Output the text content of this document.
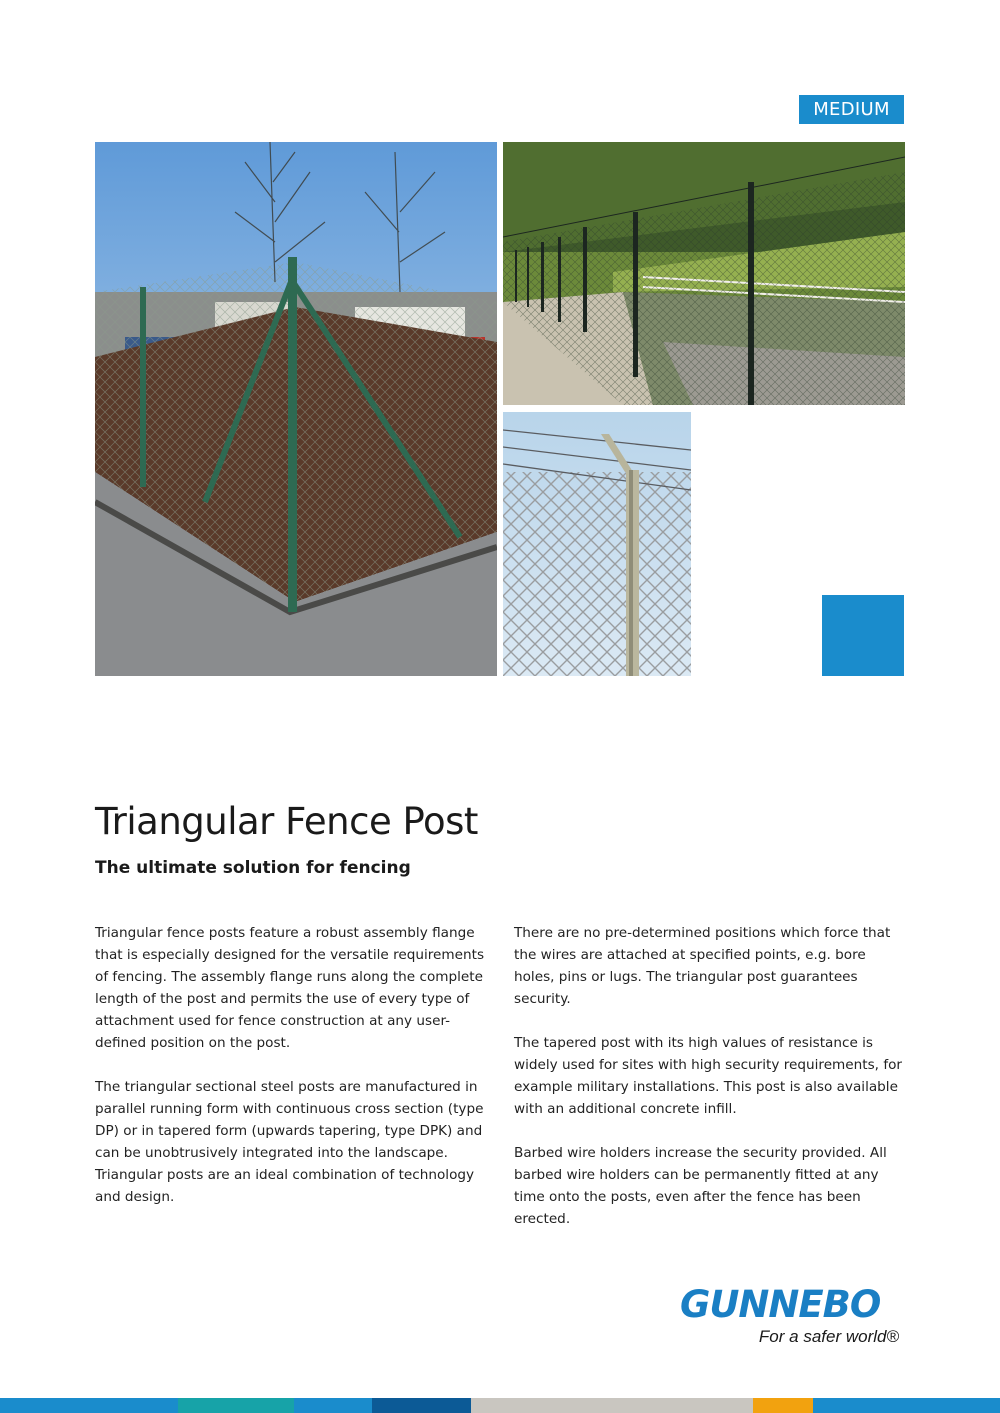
MEDIUM
Triangular Fence Post
The ultimate solution for fencing

Triangular fence posts feature a robust assembly flange that is especially designed for the versatile requirements of fencing. The assembly flange runs along the complete length of the post and permits the use of every type of attachment used for fence construction at any user-defined position on the post.

The triangular sectional steel posts are manufactured in parallel running form with continuous cross section (type DP) or in tapered form (upwards tapering, type DPK) and can be unobtrusively integrated into the landscape. Triangular posts are an ideal combination of technology and design.

There are no pre-determined positions which force that the wires are attached at specified points, e.g. bore holes, pins or lugs. The triangular post guarantees security.

The tapered post with its high values of resistance is widely used for sites with high security requirements, for example military installations. This post is also available with an additional concrete infill.

Barbed wire holders increase the security provided. All barbed wire holders can be permanently fitted at any time onto the posts, even after the fence has been erected.

GUNNEBO
For a safer world®
